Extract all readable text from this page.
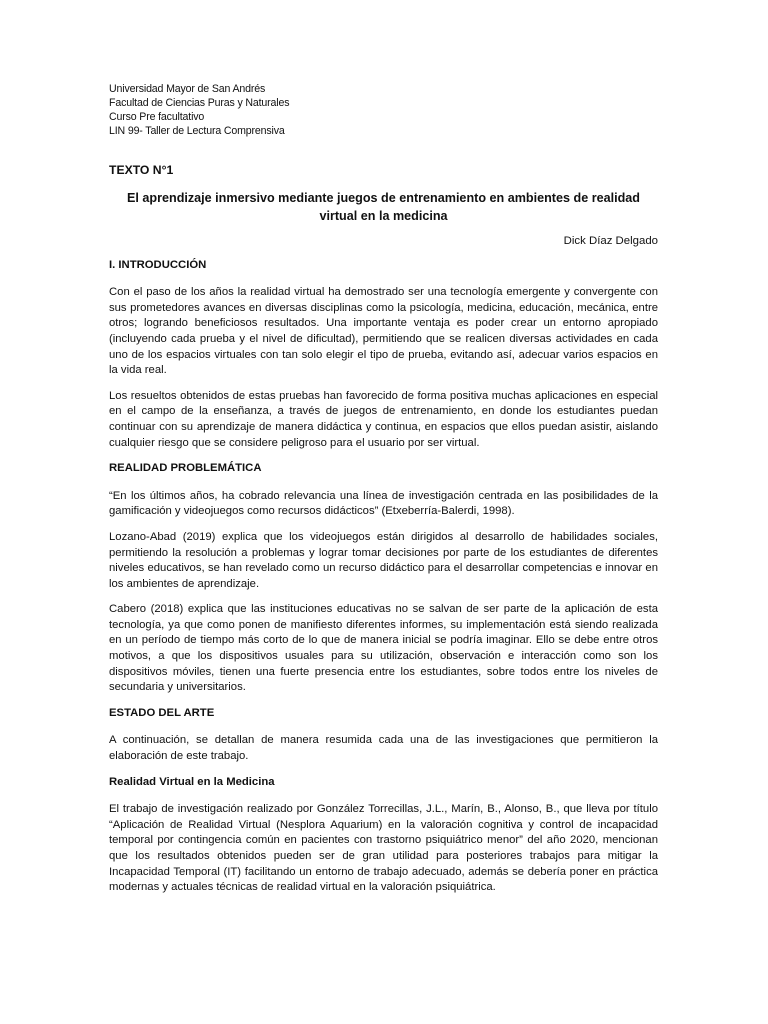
Universidad Mayor de San Andrés
Facultad de Ciencias Puras y Naturales
Curso Pre facultativo
LIN 99- Taller de Lectura Comprensiva
TEXTO N°1
El aprendizaje inmersivo mediante juegos de entrenamiento en ambientes de realidad virtual en la medicina
Dick Díaz Delgado
I. INTRODUCCIÓN

Con el paso de los años la realidad virtual ha demostrado ser una tecnología emergente y convergente con sus prometedores avances en diversas disciplinas como la psicología, medicina, educación, mecánica, entre otros; logrando beneficiosos resultados. Una importante ventaja es poder crear un entorno apropiado (incluyendo cada prueba y el nivel de dificultad), permitiendo que se realicen diversas actividades en cada uno de los espacios virtuales con tan solo elegir el tipo de prueba, evitando así, adecuar varios espacios en la vida real.

Los resueltos obtenidos de estas pruebas han favorecido de forma positiva muchas aplicaciones en especial en el campo de la enseñanza, a través de juegos de entrenamiento, en donde los estudiantes puedan continuar con su aprendizaje de manera didáctica y continua, en espacios que ellos puedan asistir, aislando cualquier riesgo que se considere peligroso para el usuario por ser virtual.

REALIDAD PROBLEMÁTICA

“En los últimos años, ha cobrado relevancia una línea de investigación centrada en las posibilidades de la gamificación y videojuegos como recursos didácticos” (Etxeberría-Balerdi, 1998).

Lozano-Abad (2019) explica que los videojuegos están dirigidos al desarrollo de habilidades sociales, permitiendo la resolución a problemas y lograr tomar decisiones por parte de los estudiantes de diferentes niveles educativos, se han revelado como un recurso didáctico para el desarrollar competencias e innovar en los ambientes de aprendizaje.

Cabero (2018) explica que las instituciones educativas no se salvan de ser parte de la aplicación de esta tecnología, ya que como ponen de manifiesto diferentes informes, su implementación está siendo realizada en un período de tiempo más corto de lo que de manera inicial se podría imaginar. Ello se debe entre otros motivos, a que los dispositivos usuales para su utilización, observación e interacción como son los dispositivos móviles, tienen una fuerte presencia entre los estudiantes, sobre todos entre los niveles de secundaria y universitarios.

ESTADO DEL ARTE

A continuación, se detallan de manera resumida cada una de las investigaciones que permitieron la elaboración de este trabajo.

Realidad Virtual en la Medicina

El trabajo de investigación realizado por González Torrecillas, J.L., Marín, B., Alonso, B., que lleva por título “Aplicación de Realidad Virtual (Nesplora Aquarium) en la valoración cognitiva y control de incapacidad temporal por contingencia común en pacientes con trastorno psiquiátrico menor” del año 2020, mencionan que los resultados obtenidos pueden ser de gran utilidad para posteriores trabajos para mitigar la Incapacidad Temporal (IT) facilitando un entorno de trabajo adecuado, además se debería poner en práctica modernas y actuales técnicas de realidad virtual en la valoración psiquiátrica.
